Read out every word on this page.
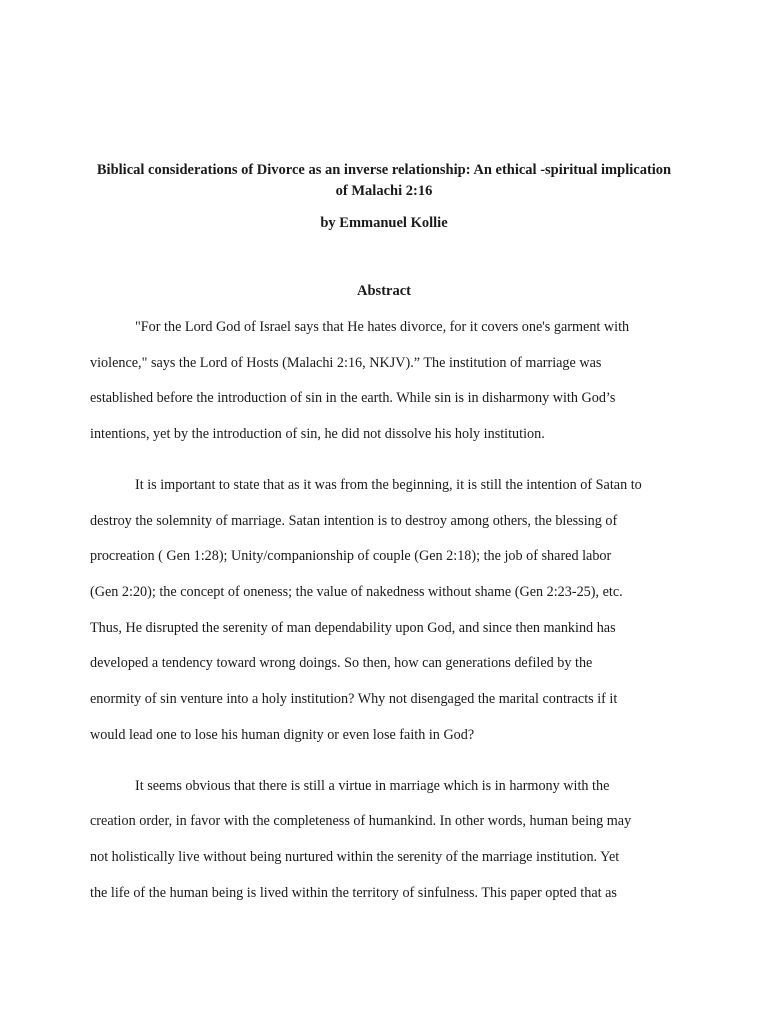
Biblical considerations of Divorce as an inverse relationship: An ethical -spiritual implication of Malachi 2:16

by Emmanuel Kollie

Abstract

"For the Lord God of Israel says that He hates divorce, for it covers one's garment with

violence," says the Lord of Hosts (Malachi 2:16, NKJV).” The institution of marriage was

established before the introduction of sin in the earth. While sin is in disharmony with God’s

intentions, yet by the introduction of sin, he did not dissolve his holy institution.

It is important to state that as it was from the beginning, it is still the intention of Satan to

destroy the solemnity of marriage. Satan intention is to destroy among others, the blessing of

procreation ( Gen 1:28); Unity/companionship of couple (Gen 2:18); the job of shared labor

(Gen 2:20); the concept of oneness; the value of nakedness without shame (Gen 2:23-25), etc.

Thus, He disrupted the serenity of man dependability upon God, and since then mankind has

developed a tendency toward wrong doings. So then, how can generations defiled by the

enormity of sin venture into a holy institution? Why not disengaged the marital contracts if it

would lead one to lose his human dignity or even lose faith in God?

It seems obvious that there is still a virtue in marriage which is in harmony with the

creation order, in favor with the completeness of humankind. In other words, human being may

not holistically live without being nurtured within the serenity of the marriage institution. Yet

the life of the human being is lived within the territory of sinfulness. This paper opted that as
